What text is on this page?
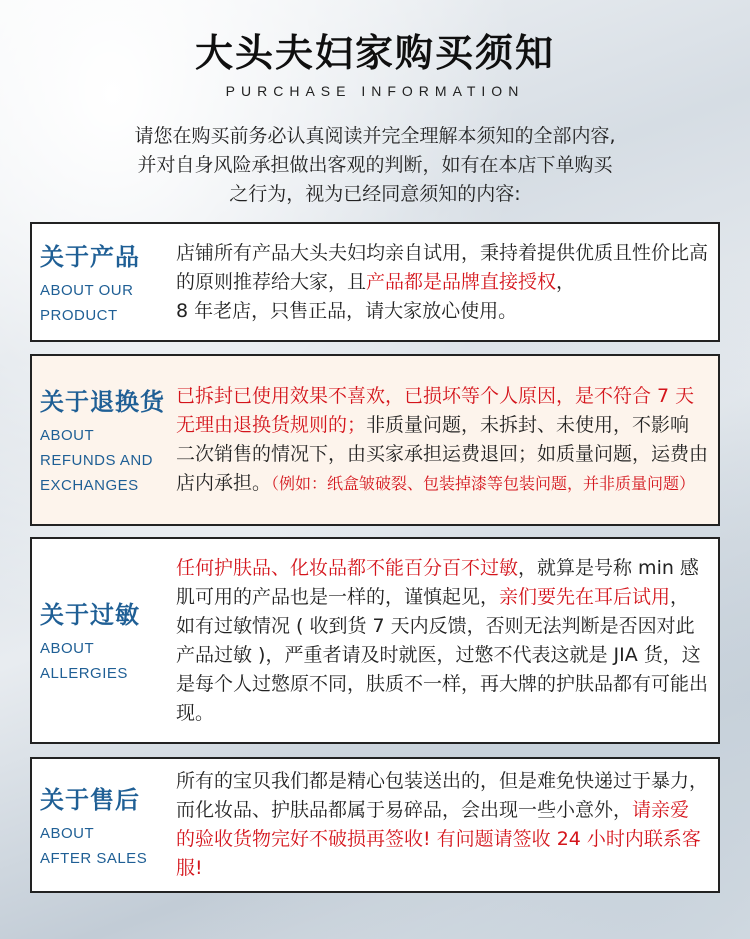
大头夫妇家购买须知
PURCHASE INFORMATION
请您在购买前务必认真阅读并完全理解本须知的全部内容,
并对自身风险承担做出客观的判断，如有在本店下单购买
之行为，视为已经同意须知的内容:
关于产品
ABOUT OUR
PRODUCT
店铺所有产品大头夫妇均亲自试用，秉持着提供优质且性价比高的原则推荐给大家，且产品都是品牌直接授权，
8 年老店，只售正品，请大家放心使用。
关于退换货
ABOUT
REFUNDS AND
EXCHANGES
已拆封已使用效果不喜欢，已损坏等个人原因，是不符合 7 天无理由退换货规则的；非质量问题，未拆封、未使用，不影响二次销售的情况下，由买家承担运费退回；如质量问题，运费由店内承担。（例如：纸盒皱破裂、包装掉漆等包装问题，并非质量问题）
关于过敏
ABOUT
ALLERGIES
任何护肤品、化妆品都不能百分百不过敏，就算是号称 min 感肌可用的产品也是一样的，谨慎起见，亲们要先在耳后试用，如有过敏情况 ( 收到货 7 天内反馈，否则无法判断是否因对此产品过敏 )，严重者请及时就医，过憼不代表这就是 JIA 货，这是每个人过憼原不同，肤质不一样，再大牌的护肤品都有可能出现。
关于售后
ABOUT
AFTER SALES
所有的宝贝我们都是精心包装送出的，但是难免快递过于暴力，而化妆品、护肤品都属于易碎品，会出现一些小意外，请亲爱的验收货物完好不破损再签收! 有问题请签收 24 小时内联系客服!
